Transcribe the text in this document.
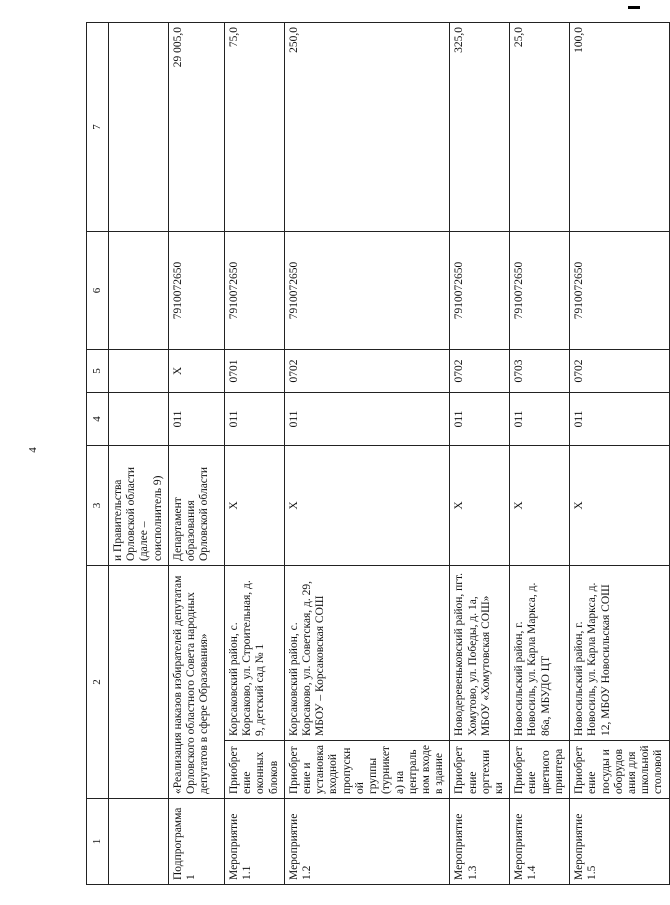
4
1	2		3	4	5	6	7
			и Правительства Орловской области (далее – соисполнитель 9)				
Подпрограмма 1	«Реализация наказов избирателей депутатам Орловского областного Совета народных депутатов в сфере Образования»		Департамент образования Орловской области	011	Х	7910072650	29 005,0
Мероприятие 1.1	Приобретение оконных блоков	Корсаковский район, с. Корсаково, ул. Строительная, д. 9, детский сад № 1	Х	011	0701	7910072650	75,0
Мероприятие 1.2	Приобретение и установка входной пропускной группы (турникета) на центральном входе в здание	Корсаковский район, с. Корсаково, ул. Советская, д. 29, МБОУ – Корсаковская СОШ	Х	011	0702	7910072650	250,0
Мероприятие 1.3	Приобретение оргтехники	Новодеревеньковский район, пгт. Хомутово, ул. Победы, д. 1а, МБОУ «Хомутовская СОШ»	Х	011	0702	7910072650	325,0
Мероприятие 1.4	Приобретение цветного принтера	Новосильский район, г. Новосиль, ул. Карла Маркса, д. 86а, МБУДО ЦТ	Х	011	0703	7910072650	25,0
Мероприятие 1.5	Приобретение посуды и оборудования для школьной столовой	Новосильский район, г. Новосиль, ул. Карла Маркса, д. 12, МБОУ Новосильская СОШ	Х	011	0702	7910072650	100,0
